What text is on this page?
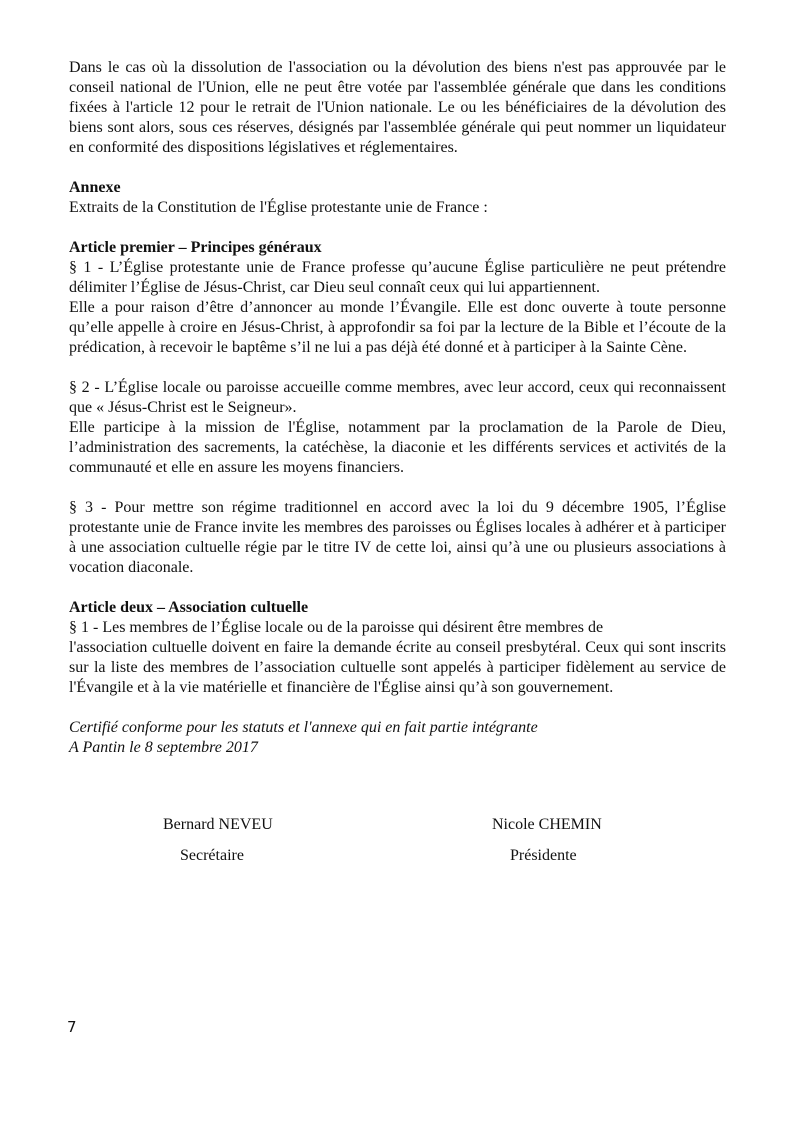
Dans le cas où la dissolution de l'association ou la dévolution des biens n'est pas approuvée par le conseil national de l'Union, elle ne peut être votée par l'assemblée générale que dans les conditions fixées à l'article 12 pour le retrait de l'Union nationale. Le ou les bénéficiaires de la dévolution des biens sont alors, sous ces réserves, désignés par l'assemblée générale qui peut nommer un liquidateur en conformité des dispositions législatives et réglementaires.

Annexe

Extraits de la Constitution de l'Église protestante unie de France :

Article premier – Principes généraux

§ 1 - L’Église protestante unie de France professe qu’aucune Église particulière ne peut prétendre délimiter l’Église de Jésus-Christ, car Dieu seul connaît ceux qui lui appartiennent.

Elle a pour raison d’être d’annoncer au monde l’Évangile. Elle est donc ouverte à toute personne qu’elle appelle à croire en Jésus-Christ, à approfondir sa foi par la lecture de la Bible et l’écoute de la prédication, à recevoir le baptême s’il ne lui a pas déjà été donné et à participer à la Sainte Cène.

§ 2 - L’Église locale ou paroisse accueille comme membres, avec leur accord, ceux qui reconnaissent que « Jésus-Christ est le Seigneur».

Elle participe à la mission de l'Église, notamment par la proclamation de la Parole de Dieu, l’administration des sacrements, la catéchèse, la diaconie et les différents services et activités de la communauté et elle en assure les moyens financiers.

§ 3 - Pour mettre son régime traditionnel en accord avec la loi du 9 décembre 1905, l’Église protestante unie de France invite les membres des paroisses ou Églises locales à adhérer et à participer à une association cultuelle régie par le titre IV de cette loi, ainsi qu’à une ou plusieurs associations à vocation diaconale.

Article deux – Association cultuelle

§ 1 - Les membres de l’Église locale ou de la paroisse qui désirent être membres de

l'association cultuelle doivent en faire la demande écrite au conseil presbytéral. Ceux qui sont inscrits sur la liste des membres de l’association cultuelle sont appelés à participer fidèlement au service de l'Évangile et à la vie matérielle et financière de l'Église ainsi qu’à son gouvernement.

Certifié conforme pour les statuts et l'annexe qui en fait partie intégrante

A Pantin le 8 septembre 2017

Bernard NEVEU
Secrétaire
Nicole CHEMIN
Présidente
7
